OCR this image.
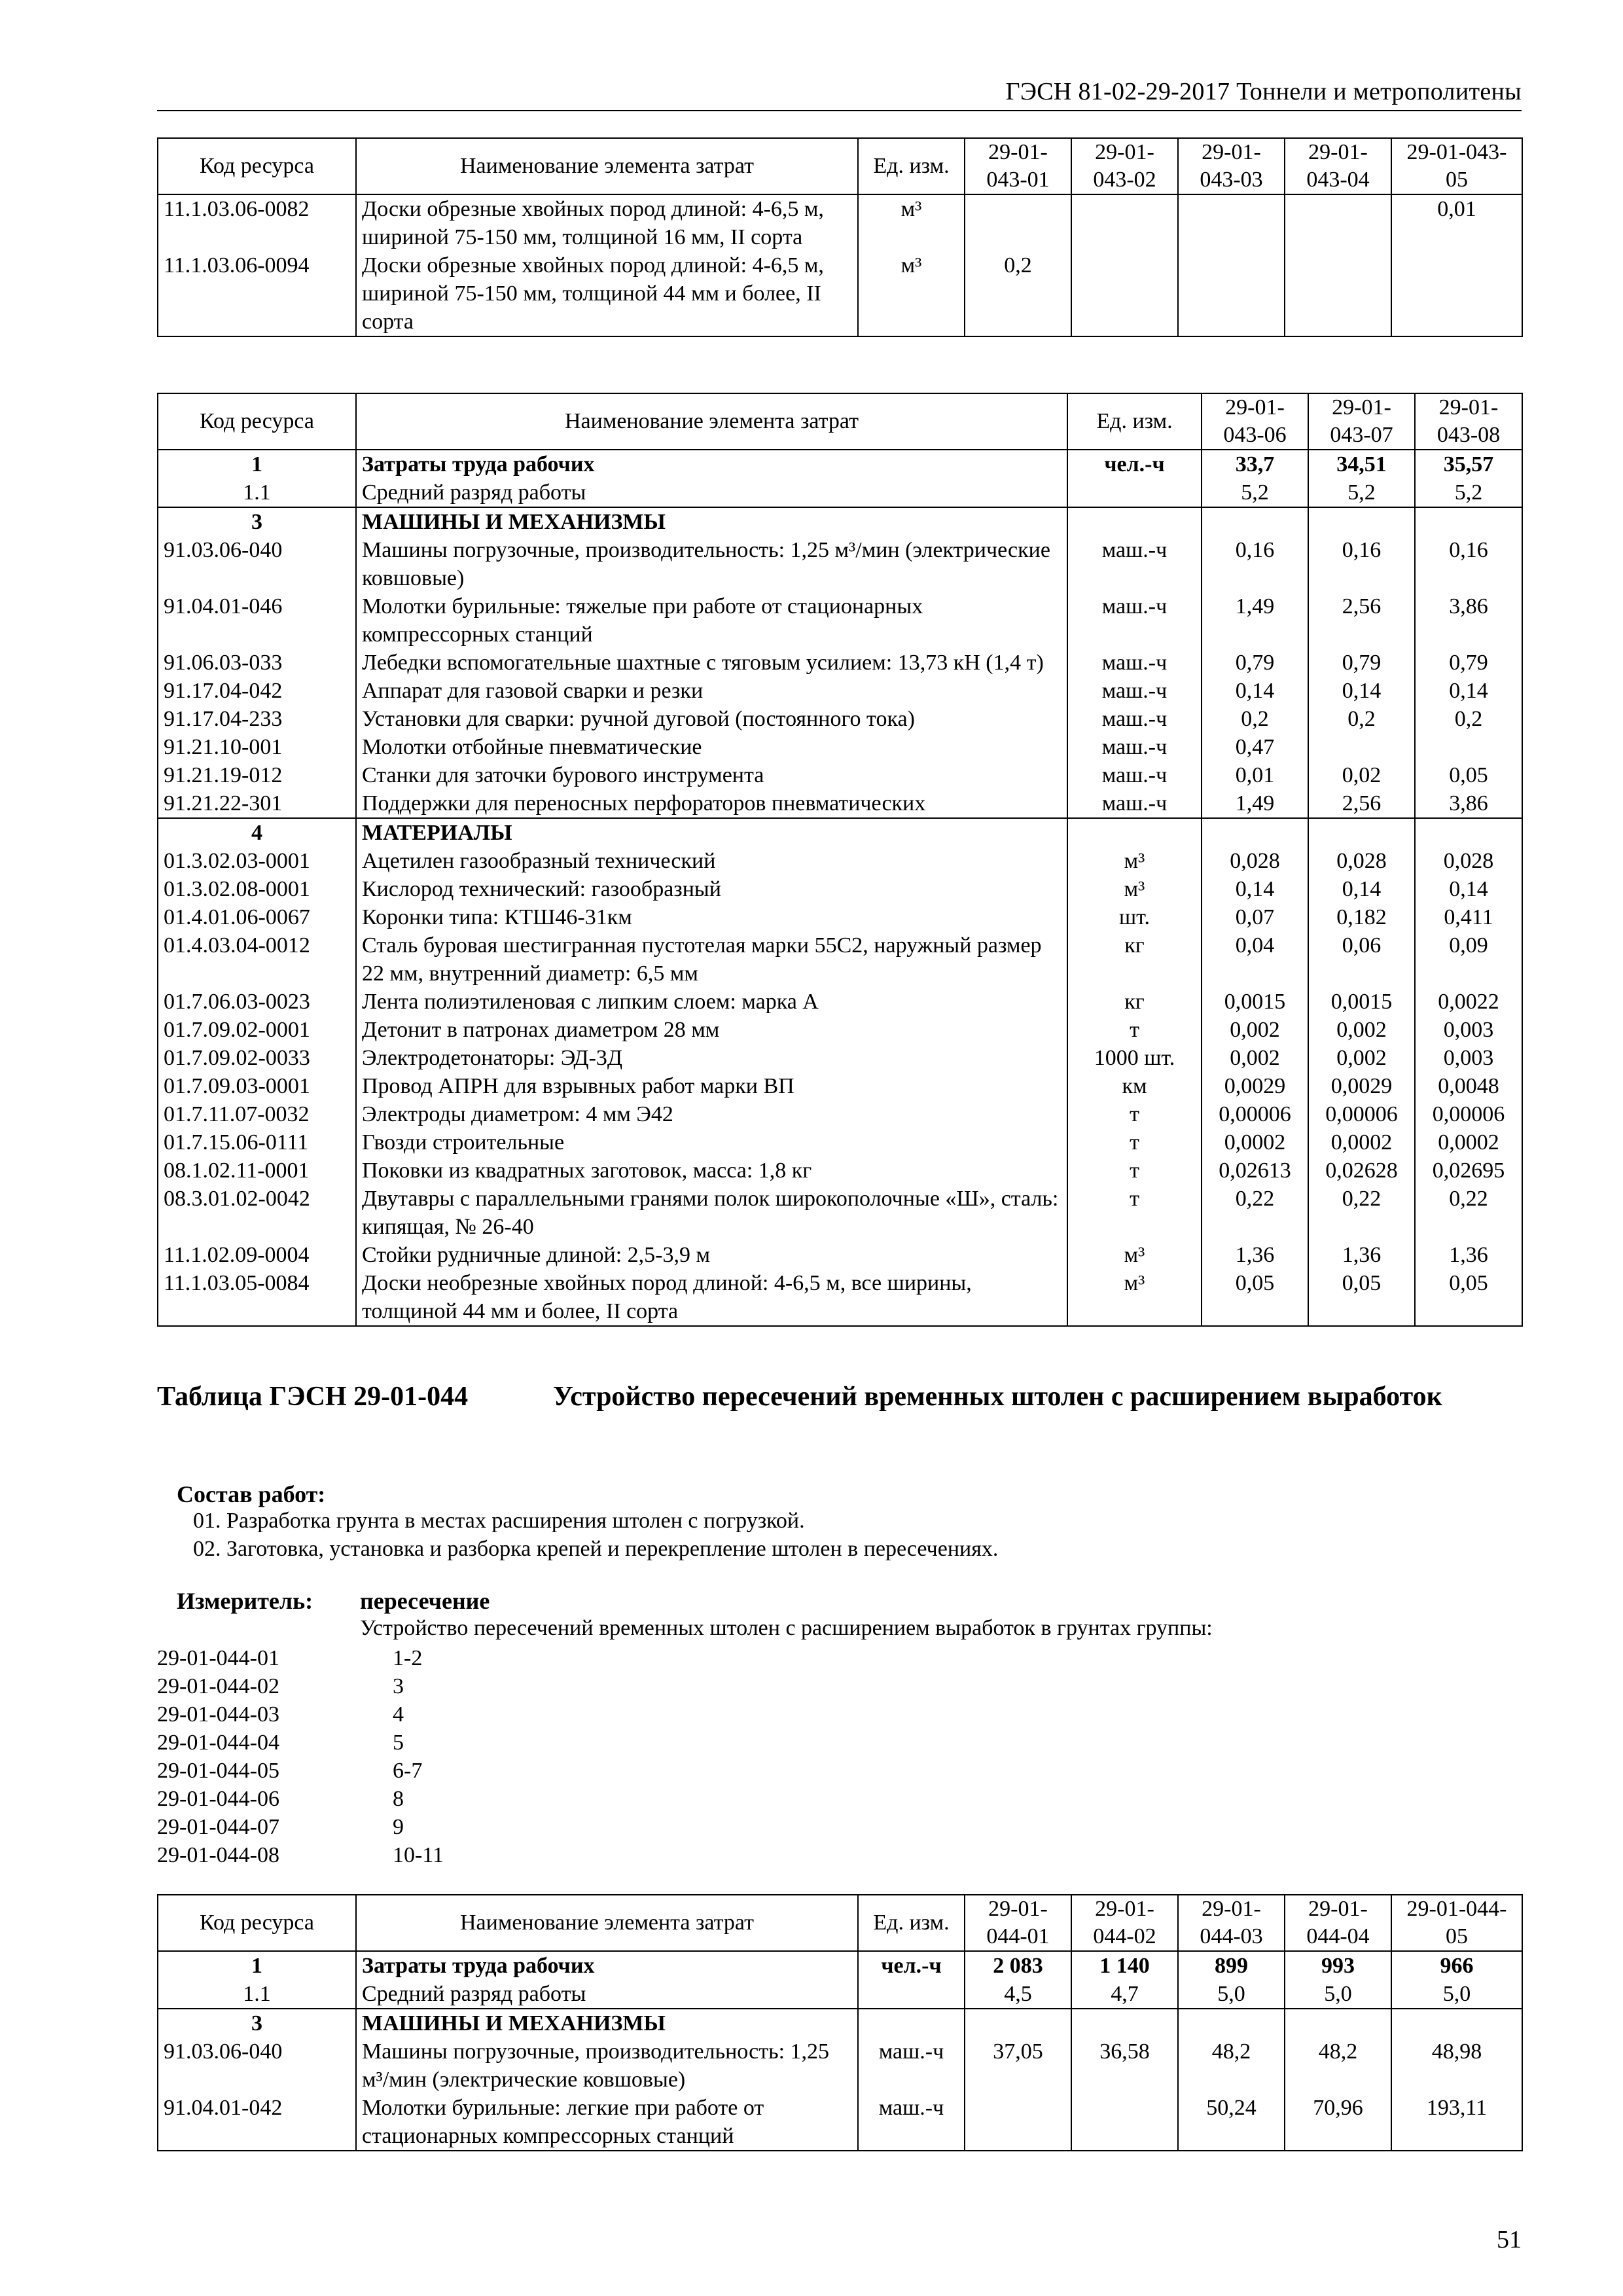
ГЭСН 81-02-29-2017 Тоннели и метрополитены
Код ресурса	Наименование элемента затрат	Ед. изм.	29-01-043-01	29-01-043-02	29-01-043-03	29-01-043-04	29-01-043-05
11.1.03.06-0082	Доски обрезные хвойных пород длиной: 4-6,5 м, шириной 75-150 мм, толщиной 16 мм, II сорта	м³					0,01
11.1.03.06-0094	Доски обрезные хвойных пород длиной: 4-6,5 м, шириной 75-150 мм, толщиной 44 мм и более, II сорта	м³	0,2				
Код ресурса	Наименование элемента затрат	Ед. изм.	29-01-043-06	29-01-043-07	29-01-043-08
1	Затраты труда рабочих	чел.-ч	33,7	34,51	35,57
1.1	Средний разряд работы		5,2	5,2	5,2
3	МАШИНЫ И МЕХАНИЗМЫ				
91.03.06-040	Машины погрузочные, производительность: 1,25 м³/мин (электрические ковшовые)	маш.-ч	0,16	0,16	0,16
91.04.01-046	Молотки бурильные: тяжелые при работе от стационарных компрессорных станций	маш.-ч	1,49	2,56	3,86
91.06.03-033	Лебедки вспомогательные шахтные с тяговым усилием: 13,73 кН (1,4 т)	маш.-ч	0,79	0,79	0,79
91.17.04-042	Аппарат для газовой сварки и резки	маш.-ч	0,14	0,14	0,14
91.17.04-233	Установки для сварки: ручной дуговой (постоянного тока)	маш.-ч	0,2	0,2	0,2
91.21.10-001	Молотки отбойные пневматические	маш.-ч	0,47		
91.21.19-012	Станки для заточки бурового инструмента	маш.-ч	0,01	0,02	0,05
91.21.22-301	Поддержки для переносных перфораторов пневматических	маш.-ч	1,49	2,56	3,86
4	МАТЕРИАЛЫ				
01.3.02.03-0001	Ацетилен газообразный технический	м³	0,028	0,028	0,028
01.3.02.08-0001	Кислород технический: газообразный	м³	0,14	0,14	0,14
01.4.01.06-0067	Коронки типа: КТШ46-31км	шт.	0,07	0,182	0,411
01.4.03.04-0012	Сталь буровая шестигранная пустотелая марки 55С2, наружный размер 22 мм, внутренний диаметр: 6,5 мм	кг	0,04	0,06	0,09
01.7.06.03-0023	Лента полиэтиленовая с липким слоем: марка А	кг	0,0015	0,0015	0,0022
01.7.09.02-0001	Детонит в патронах диаметром 28 мм	т	0,002	0,002	0,003
01.7.09.02-0033	Электродетонаторы: ЭД-3Д	1000 шт.	0,002	0,002	0,003
01.7.09.03-0001	Провод АПРН для взрывных работ марки ВП	км	0,0029	0,0029	0,0048
01.7.11.07-0032	Электроды диаметром: 4 мм Э42	т	0,00006	0,00006	0,00006
01.7.15.06-0111	Гвозди строительные	т	0,0002	0,0002	0,0002
08.1.02.11-0001	Поковки из квадратных заготовок, масса: 1,8 кг	т	0,02613	0,02628	0,02695
08.3.01.02-0042	Двутавры с параллельными гранями полок широкополочные «Ш», сталь: кипящая, № 26-40	т	0,22	0,22	0,22
11.1.02.09-0004	Стойки рудничные длиной: 2,5-3,9 м	м³	1,36	1,36	1,36
11.1.03.05-0084	Доски необрезные хвойных пород длиной: 4-6,5 м, все ширины, толщиной 44 мм и более, II сорта	м³	0,05	0,05	0,05
Таблица ГЭСН 29-01-044	Устройство пересечений временных штолен с расширением выработок
Состав работ:
01. Разработка грунта в местах расширения штолен с погрузкой.
02. Заготовка, установка и разборка крепей и перекрепление штолен в пересечениях.
Измеритель: пересечение
Устройство пересечений временных штолен с расширением выработок в грунтах группы:
29-01-044-01	1-2
29-01-044-02	3
29-01-044-03	4
29-01-044-04	5
29-01-044-05	6-7
29-01-044-06	8
29-01-044-07	9
29-01-044-08	10-11
Код ресурса	Наименование элемента затрат	Ед. изм.	29-01-044-01	29-01-044-02	29-01-044-03	29-01-044-04	29-01-044-05
1	Затраты труда рабочих	чел.-ч	2 083	1 140	899	993	966
1.1	Средний разряд работы		4,5	4,7	5,0	5,0	5,0
3	МАШИНЫ И МЕХАНИЗМЫ						
91.03.06-040	Машины погрузочные, производительность: 1,25 м³/мин (электрические ковшовые)	маш.-ч	37,05	36,58	48,2	48,2	48,98
91.04.01-042	Молотки бурильные: легкие при работе от стационарных компрессорных станций	маш.-ч			50,24	70,96	193,11
51
